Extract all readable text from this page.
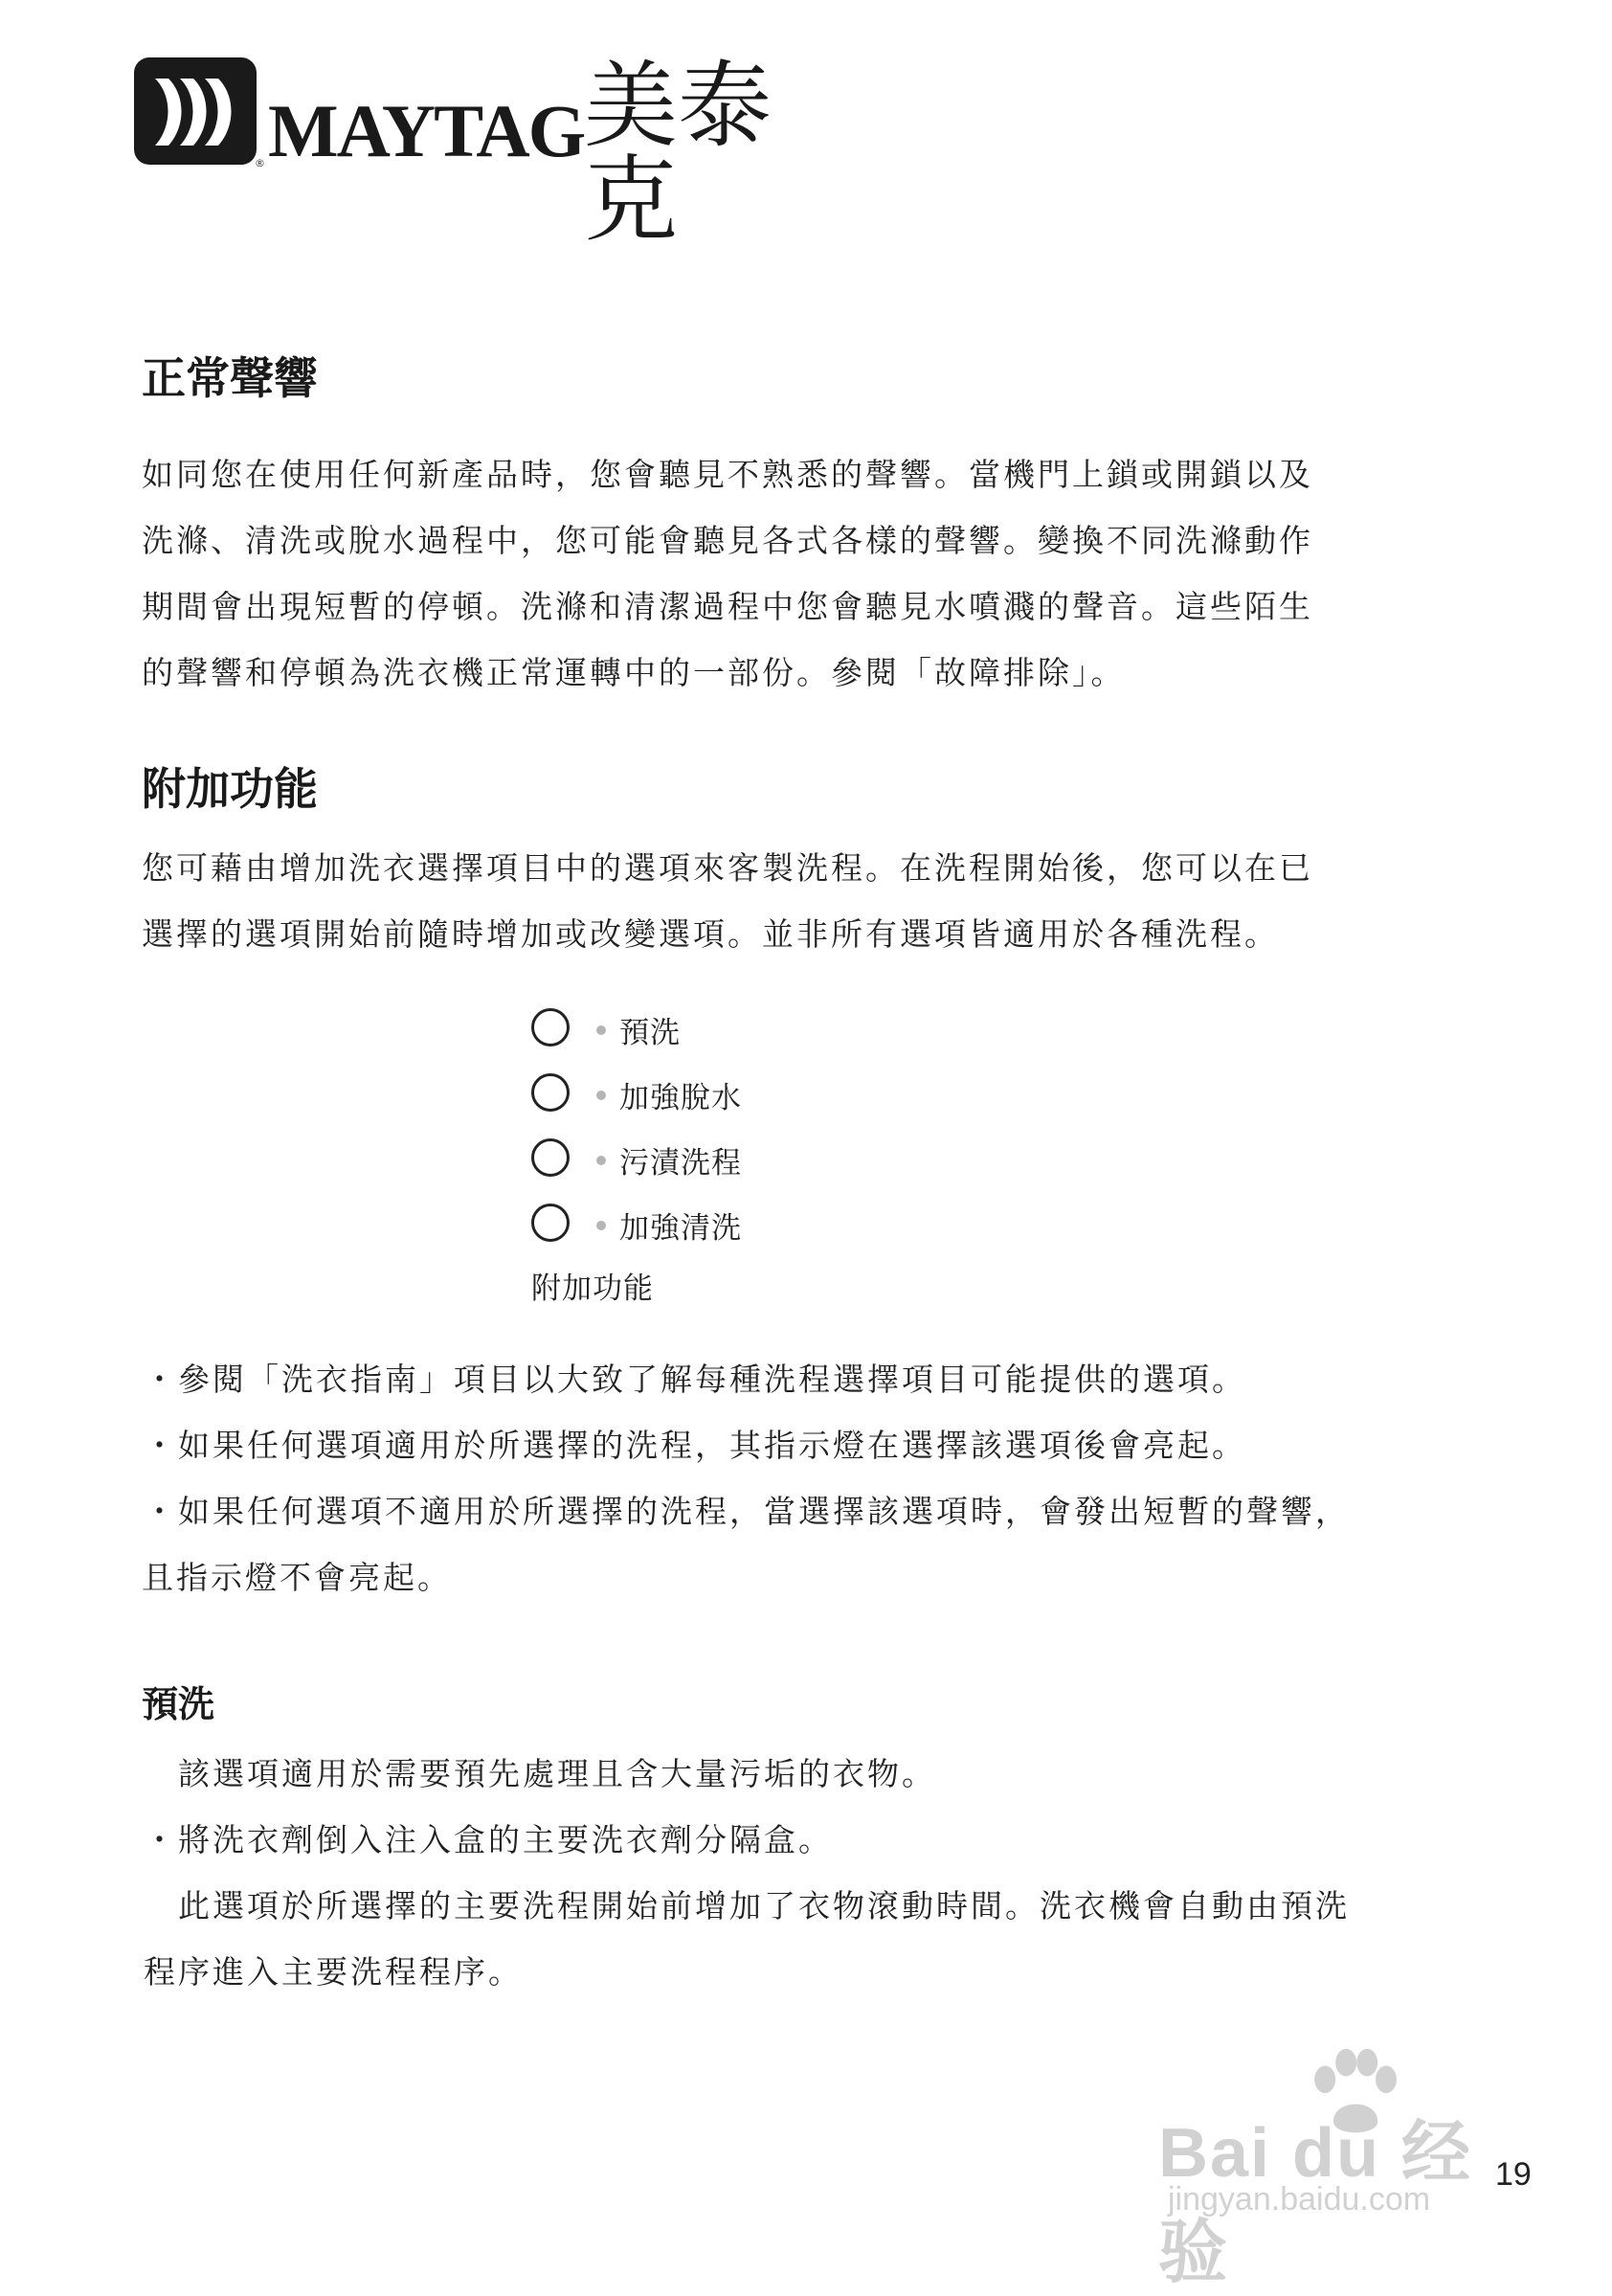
® MAYTAG 美泰克
正常聲響
如同您在使用任何新產品時，您會聽見不熟悉的聲響。當機門上鎖或開鎖以及
洗滌、清洗或脫水過程中，您可能會聽見各式各樣的聲響。變換不同洗滌動作
期間會出現短暫的停頓。洗滌和清潔過程中您會聽見水噴濺的聲音。這些陌生
的聲響和停頓為洗衣機正常運轉中的一部份。參閱「故障排除」。
附加功能
您可藉由增加洗衣選擇項目中的選項來客製洗程。在洗程開始後，您可以在已
選擇的選項開始前隨時增加或改變選項。並非所有選項皆適用於各種洗程。
預洗
加強脫水
污漬洗程
加強清洗
附加功能
・參閱「洗衣指南」項目以大致了解每種洗程選擇項目可能提供的選項。
・如果任何選項適用於所選擇的洗程，其指示燈在選擇該選項後會亮起。
・如果任何選項不適用於所選擇的洗程，當選擇該選項時，會發出短暫的聲響，
且指示燈不會亮起。
預洗
　該選項適用於需要預先處理且含大量污垢的衣物。
・將洗衣劑倒入注入盒的主要洗衣劑分隔盒。
　此選項於所選擇的主要洗程開始前增加了衣物滾動時間。洗衣機會自動由預洗
程序進入主要洗程程序。
Bai du 经验
jingyan.baidu.com
19
